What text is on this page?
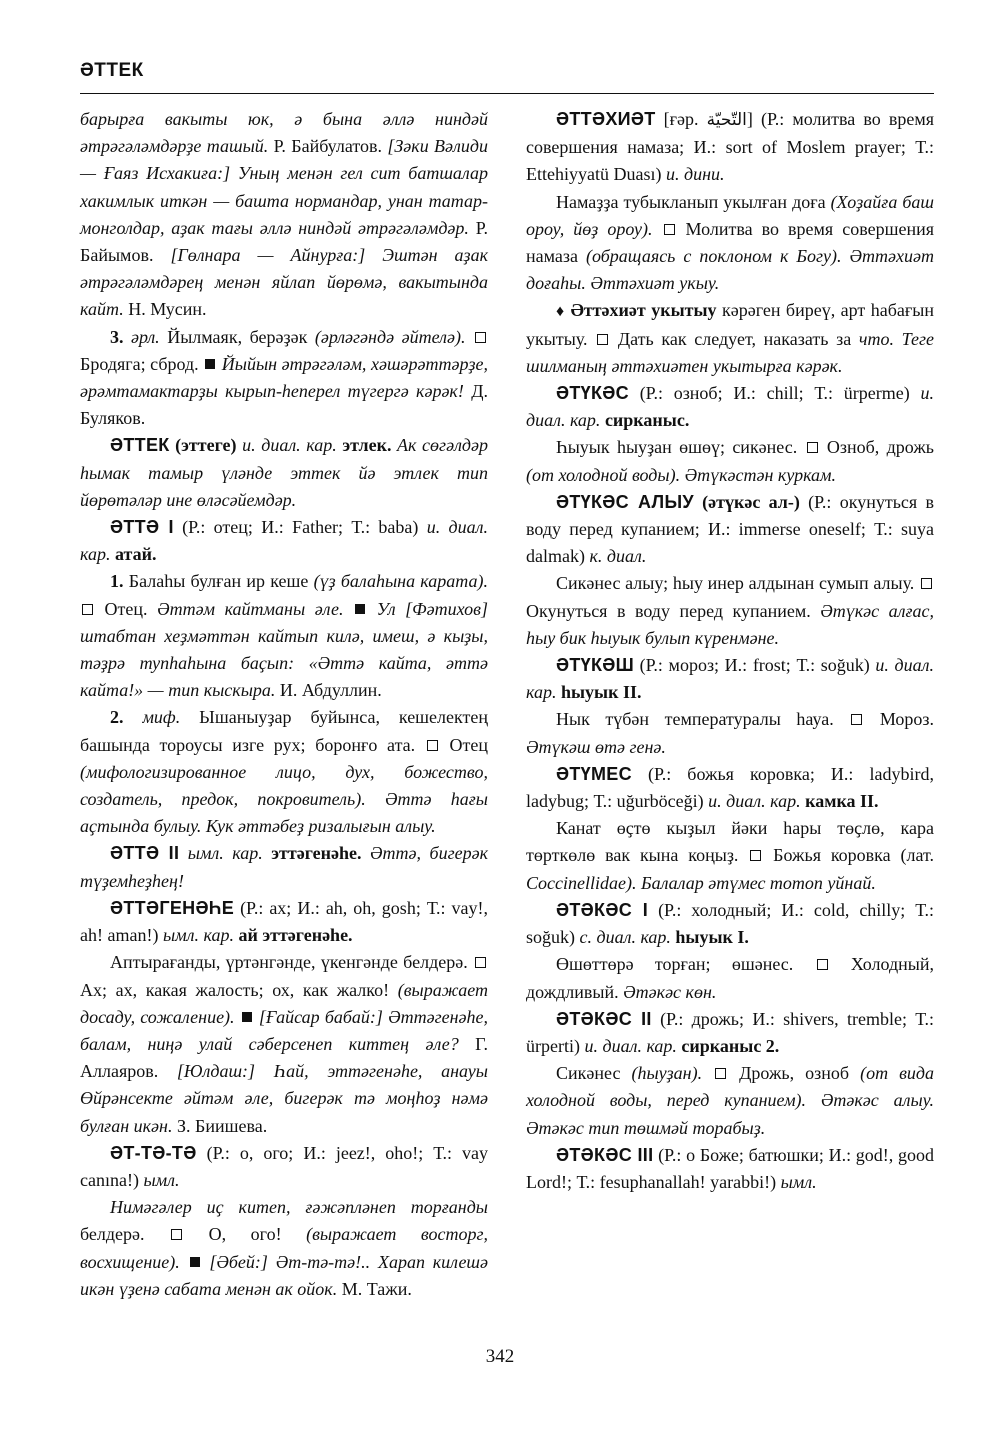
ӘТТЕК

барырға вакыты юк, ә бына әллә ниндәй әтрәгәләмдәрҙе ташый. Р. Байбулатов. [Зәки Вәлиди — Ғаяз Исхакиға:] Уның менән гел сит батшалар хакимлык иткән — башта нормандар, унан татар-монголдар, аҙак тағы әллә ниндәй әтрәгәләмдәр. Р. Байымов. [Гөлнара — Айнурға:] Эштән аҙак әтрәгәләмдәрең менән яйлап йөрөмә, вакытында кайт. Н. Мусин.

3. әрл. Йылмаяк, берәҙәк (әрләгәндә әйтелә).  Бродяга; сброд.  Йыйын әтрәгәләм, хәшәрәттәрҙе, әрәмтамактарҙы кырып-һеперел түгергә кәрәк! Д. Буляков.

ӘТТЕК (эттеге) и. диал. кар. этлек. Ак сөгәлдәр һымак тамыр үләнде эттек йә этлек тип йөрөтәләр ине өләсәйемдәр.

ӘТТӘ I (Р.: отец; И.: Father; Т.: baba) и. диал. кар. атай.

1. Балаһы булған ир кеше (үҙ балаһына карата).  Отец. Әттәм кайтманы әле.  Ул [Фәтихов] штабтан хеҙмәттән кайтып килә, имеш, ә кыҙы, тәҙрә тупһаһына баҫып: «Әттә кайта, әттә кайта!» — тип кыскыра. И. Абдуллин.

2. миф. Ышаныуҙар буйынса, кешелектең башында тороусы изге рух; боронғо ата.  Отец (мифологизированное лицо, дух, божество, создатель, предок, покровитель). Әттә һағы аҫтында булыу. Кук әттәбеҙ ризалығын алыу.

ӘТТӘ II ымл. кар. эттәгенәһе. Әттә, бигерәк түҙемһеҙһең!

ӘТТӘГЕНӘҺЕ (Р.: ах; И.: ah, oh, gosh; Т.: vay!, ah! aman!) ымл. кар. ай эттәгенәһе.

Аптырағанды, үртәнгәнде, үкенгәнде белдерә.  Ах; ах, какая жалость; ох, как жалко! (выражает досаду, сожаление).  [Ғайсар бабай:] Әттәгенәһе, балам, ниңә улай сәберсенеп киттең әле? Г. Аллаяров. [Юлдаш:] Һай, эттәгенәһе, анауы Өйрәнсекте әйтәм әле, бигерәк тә моңһоҙ нәмә булған икән. З. Биишева.

ӘТ-ТӘ-ТӘ (Р.: о, ого; И.: jeez!, oho!; Т.: vay canına!) ымл.

Нимәгәлер иҫ китеп, ғәжәпләнеп торғанды белдерә.  О, ого! (выражает восторг, восхищение).  [Әбей:] Әт-тә-тә!.. Харап килешә икән үҙенә сабата менән ак ойок. М. Тажи.

ӘТТӘХИӘТ [ғәр. التّحيّة] (Р.: молитва во время совершения намаза; И.: sort of Moslem prayer; Т.: Ettehiyyatü Duası) и. дини.

Намаҙҙа тубыкланып укылған доға (Хоҙайға баш ороу, йөҙ ороу).  Молитва во время совершения намаза (обращаясь с поклоном к Богу). Әттәхиәт доғаһы. Әттәхиәт укыу.

♦ Әттәхиәт укытыу кәрәген биреү, арт һабағын укытыу.  Дать как следует, наказать за что. Теге шилманың әттәхиәтен укытырға кәрәк.

ӘТҮКӘС (Р.: озноб; И.: chill; Т.: ürperme) и. диал. кар. сирканыс.

Һыуык һыуҙан өшөү; сикәнес.  Озноб, дрожь (от холодной воды). Әтүкәстән куркам.

ӘТҮКӘС АЛЫУ (әтүкәс ал-) (Р.: окунуться в воду перед купанием; И.: immerse oneself; Т.: suya dalmak) к. диал.

Сикәнес алыу; һыу инер алдынан сумып алыу.  Окунуться в воду перед купанием. Әтүкәс алғас, һыу бик һыуык булып күренмәне.

ӘТҮКӘШ (Р.: мороз; И.: frost; Т.: soğuk) и. диал. кар. һыуык II.

Нык түбән температуралы һауа.  Мороз. Әтүкәш өтә генә.

ӘТҮМЕС (Р.: божья коровка; И.: ladybird, ladybug; Т.: uğurböceği) и. диал. кар. камка II.

Канат өҫтө кыҙыл йәки һары төҫлө, кара төрткөлө вак кына коңыҙ.  Божья коровка (лат. Coccinellidae). Балалар әтүмес тотоп уйнай.

ӘТӘКӘС I (Р.: холодный; И.: cold, chilly; Т.: soğuk) с. диал. кар. һыуык I.

Өшөттөрә торған; өшәнес.  Холодный, дождливый. Әтәкәс көн.

ӘТӘКӘС II (Р.: дрожь; И.: shivers, tremble; Т.: ürperti) и. диал. кар. сирканыс 2.

Сикәнес (һыуҙан).  Дрожь, озноб (от вида холодной воды, перед купанием). Әтәкәс алыу. Әтәкәс тип төшмәй торабыҙ.

ӘТӘКӘС III (Р.: о Боже; батюшки; И.: god!, good Lord!; Т.: fesuphanallah! yarabbi!) ымл.

342
